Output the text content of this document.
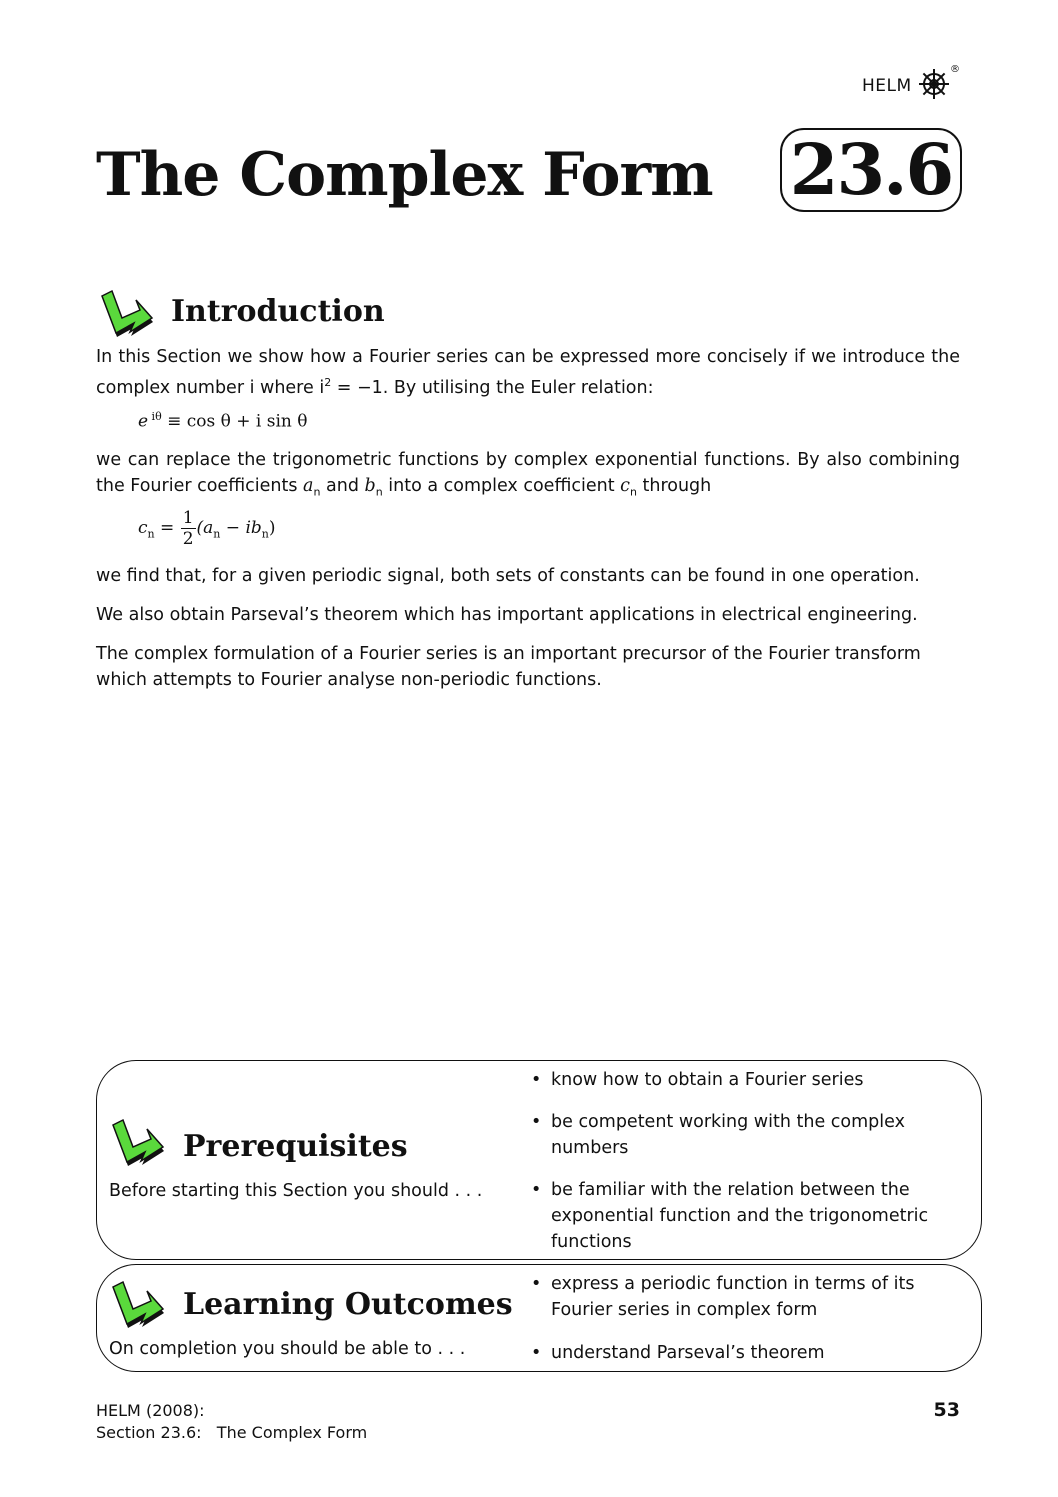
HELM
®
The Complex Form 23.6
Introduction
In this Section we show how a Fourier series can be expressed more concisely if we introduce the complex number i where $i^2 = -1$. By utilising the Euler relation:
e $^{i\theta}$ ≡ cos θ + i sin θ
we can replace the trigonometric functions by complex exponential functions. By also combining the Fourier coefficients $a_n$ and $b_n$ into a complex coefficient $c_n$ through
$c_n = \frac{1}{2} (a_n - ib_n)$
we find that, for a given periodic signal, both sets of constants can be found in one operation.
We also obtain Parseval’s theorem which has important applications in electrical engineering.
The complex formulation of a Fourier series is an important precursor of the Fourier transform which attempts to Fourier analyse non-periodic functions.
Prerequisites
Before starting this Section you should . . .
• know how to obtain a Fourier series
• be competent working with the complex numbers
• be familiar with the relation between the exponential function and the trigonometric functions
Learning Outcomes
On completion you should be able to . . .
• express a periodic function in terms of its Fourier series in complex form
• understand Parseval’s theorem
HELM (2008):
Section 23.6:   The Complex Form
53
